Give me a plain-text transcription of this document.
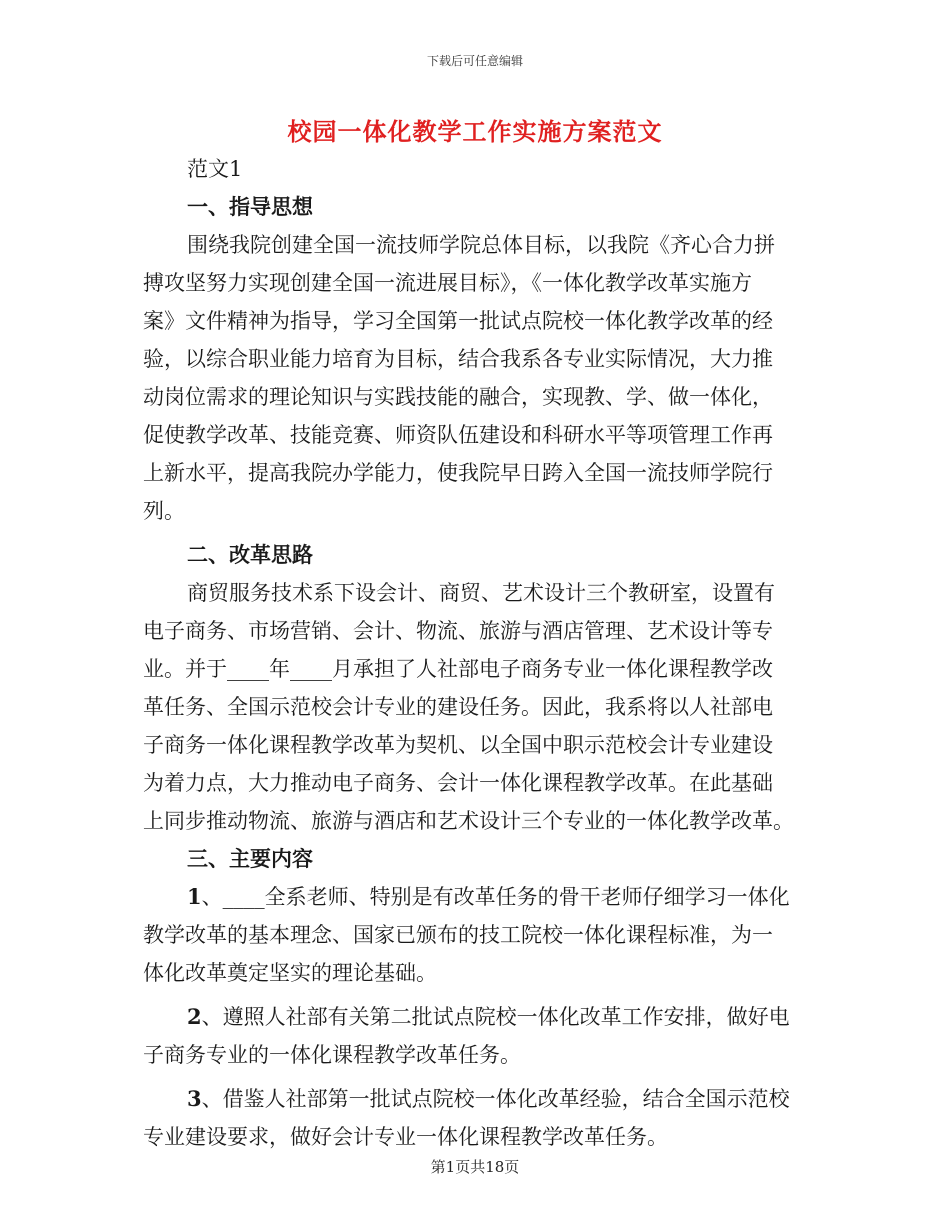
下载后可任意编辑
校园一体化教学工作实施方案范文
范文1
一、指导思想
围绕我院创建全国一流技师学院总体目标，以我院《齐心合力拼
搏攻坚努力实现创建全国一流进展目标》，《一体化教学改革实施方
案》文件精神为指导，学习全国第一批试点院校一体化教学改革的经
验，以综合职业能力培育为目标，结合我系各专业实际情况，大力推
动岗位需求的理论知识与实践技能的融合，实现教、学、做一体化，
促使教学改革、技能竞赛、师资队伍建设和科研水平等项管理工作再
上新水平，提高我院办学能力，使我院早日跨入全国一流技师学院行
列。
二、改革思路
商贸服务技术系下设会计、商贸、艺术设计三个教研室，设置有
电子商务、市场营销、会计、物流、旅游与酒店管理、艺术设计等专
业。并于____年____月承担了人社部电子商务专业一体化课程教学改
革任务、全国示范校会计专业的建设任务。因此，我系将以人社部电
子商务一体化课程教学改革为契机、以全国中职示范校会计专业建设
为着力点，大力推动电子商务、会计一体化课程教学改革。在此基础
上同步推动物流、旅游与酒店和艺术设计三个专业的一体化教学改革。
三、主要内容
1、____全系老师、特别是有改革任务的骨干老师仔细学习一体化
教学改革的基本理念、国家已颁布的技工院校一体化课程标准，为一
体化改革奠定坚实的理论基础。
2、遵照人社部有关第二批试点院校一体化改革工作安排，做好电
子商务专业的一体化课程教学改革任务。
3、借鉴人社部第一批试点院校一体化改革经验，结合全国示范校
专业建设要求，做好会计专业一体化课程教学改革任务。
第1页共18页
